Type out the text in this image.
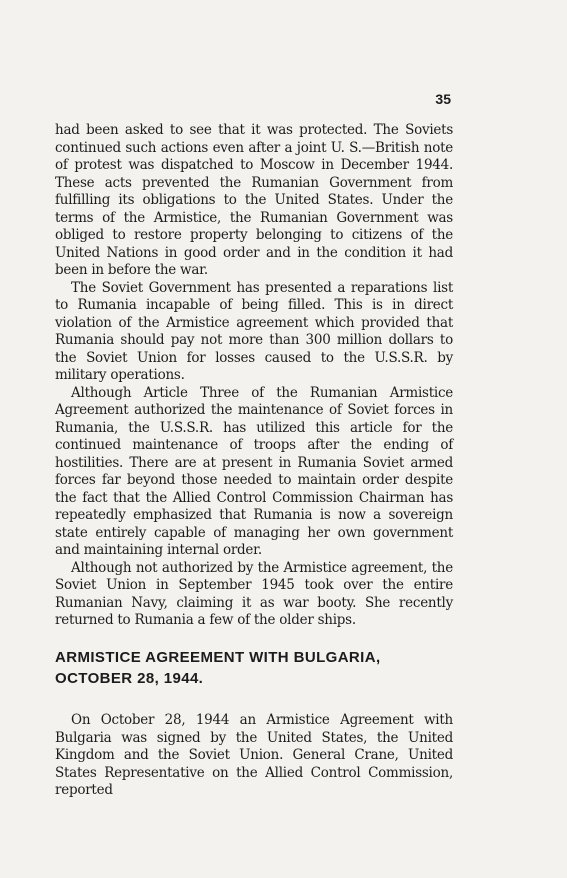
35

had been asked to see that it was protected. The Soviets continued such actions even after a joint U. S.—British note of protest was dispatched to Moscow in December 1944. These acts prevented the Rumanian Government from fulfilling its obligations to the United States. Under the terms of the Armistice, the Rumanian Government was obliged to restore property belonging to citizens of the United Nations in good order and in the condition it had been in before the war.

The Soviet Government has presented a reparations list to Rumania incapable of being filled. This is in direct violation of the Armistice agreement which provided that Rumania should pay not more than 300 million dollars to the Soviet Union for losses caused to the U.S.S.R. by military operations.

Although Article Three of the Rumanian Armistice Agreement authorized the maintenance of Soviet forces in Rumania, the U.S.S.R. has utilized this article for the continued maintenance of troops after the ending of hostilities. There are at present in Rumania Soviet armed forces far beyond those needed to maintain order despite the fact that the Allied Control Commission Chairman has repeatedly emphasized that Rumania is now a sovereign state entirely capable of managing her own government and maintaining internal order.

Although not authorized by the Armistice agreement, the Soviet Union in September 1945 took over the entire Rumanian Navy, claiming it as war booty. She recently returned to Rumania a few of the older ships.

ARMISTICE AGREEMENT WITH BULGARIA,
OCTOBER 28, 1944.

On October 28, 1944 an Armistice Agreement with Bulgaria was signed by the United States, the United Kingdom and the Soviet Union. General Crane, United States Representative on the Allied Control Commission, reported
